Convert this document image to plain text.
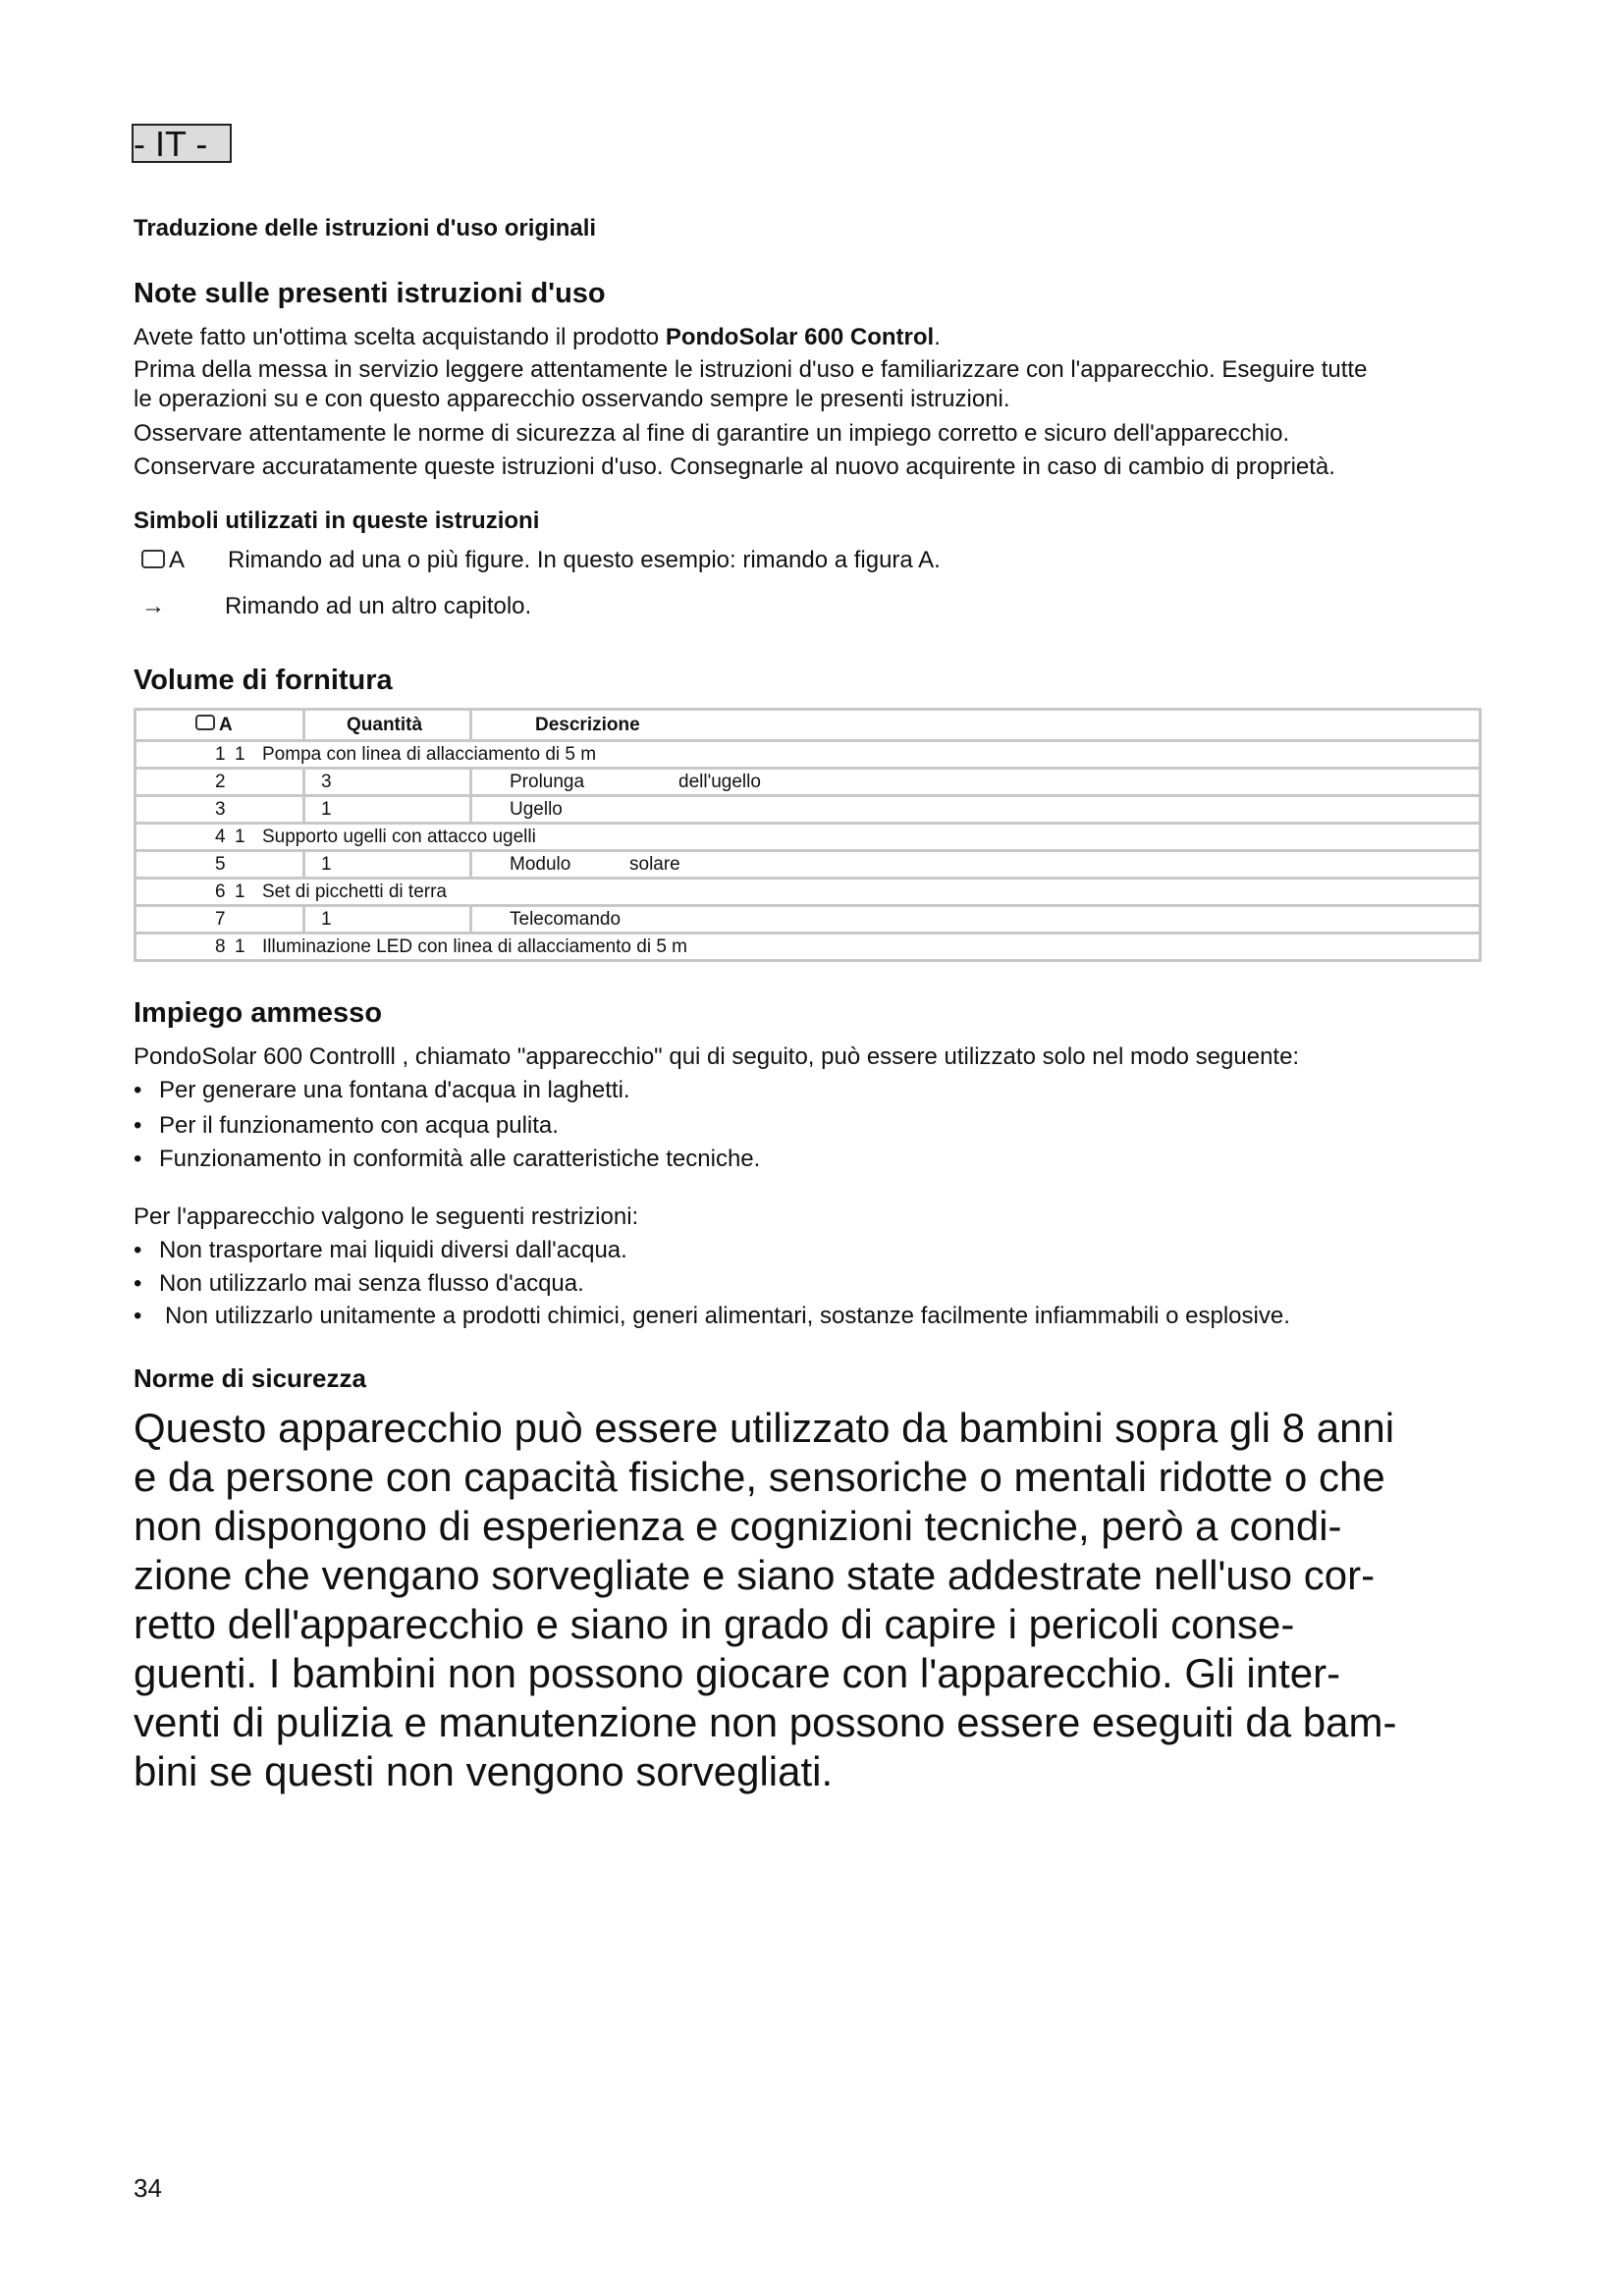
- IT -
Traduzione delle istruzioni d'uso originali
Note sulle presenti istruzioni d'uso
Avete fatto un'ottima scelta acquistando il prodotto PondoSolar 600 Control.
Prima della messa in servizio leggere attentamente le istruzioni d'uso e familiarizzare con l'apparecchio. Eseguire tutte
le operazioni su e con questo apparecchio osservando sempre le presenti istruzioni.
Osservare attentamente le norme di sicurezza al fine di garantire un impiego corretto e sicuro dell'apparecchio.
Conservare accuratamente queste istruzioni d'uso. Consegnarle al nuovo acquirente in caso di cambio di proprietà.
Simboli utilizzati in queste istruzioni
A Rimando ad una o più figure. In questo esempio: rimando a figura A.
→	Rimando ad un altro capitolo.
Volume di fornitura
A	Quantità	Descrizione

1 1 Pompa con linea di allacciamento di 5 m		

2	3	Prolunga dell'ugello

3	1	Ugello

4 1 Supporto ugelli con attacco ugelli		

5	1	Modulo solare

6 1 Set di picchetti di terra		

7	1	Telecomando

8 1 Illuminazione LED con linea di allacciamento di 5 m		
Impiego ammesso
PondoSolar 600 Controlll , chiamato "apparecchio" qui di seguito, può essere utilizzato solo nel modo seguente:
• Per generare una fontana d'acqua in laghetti.
• Per il funzionamento con acqua pulita.
• Funzionamento in conformità alle caratteristiche tecniche.
Per l'apparecchio valgono le seguenti restrizioni:
• Non trasportare mai liquidi diversi dall'acqua.
• Non utilizzarlo mai senza flusso d'acqua.
• Non utilizzarlo unitamente a prodotti chimici, generi alimentari, sostanze facilmente infiammabili o esplosive.
Norme di sicurezza
Questo apparecchio può essere utilizzato da bambini sopra gli 8 anni
e da persone con capacità fisiche, sensoriche o mentali ridotte o che
non dispongono di esperienza e cognizioni tecniche, però a condi-
zione che vengano sorvegliate e siano state addestrate nell'uso cor-
retto dell'apparecchio e siano in grado di capire i pericoli conse-
guenti. I bambini non possono giocare con l'apparecchio. Gli inter-
venti di pulizia e manutenzione non possono essere eseguiti da bam-
bini se questi non vengono sorvegliati.
34
